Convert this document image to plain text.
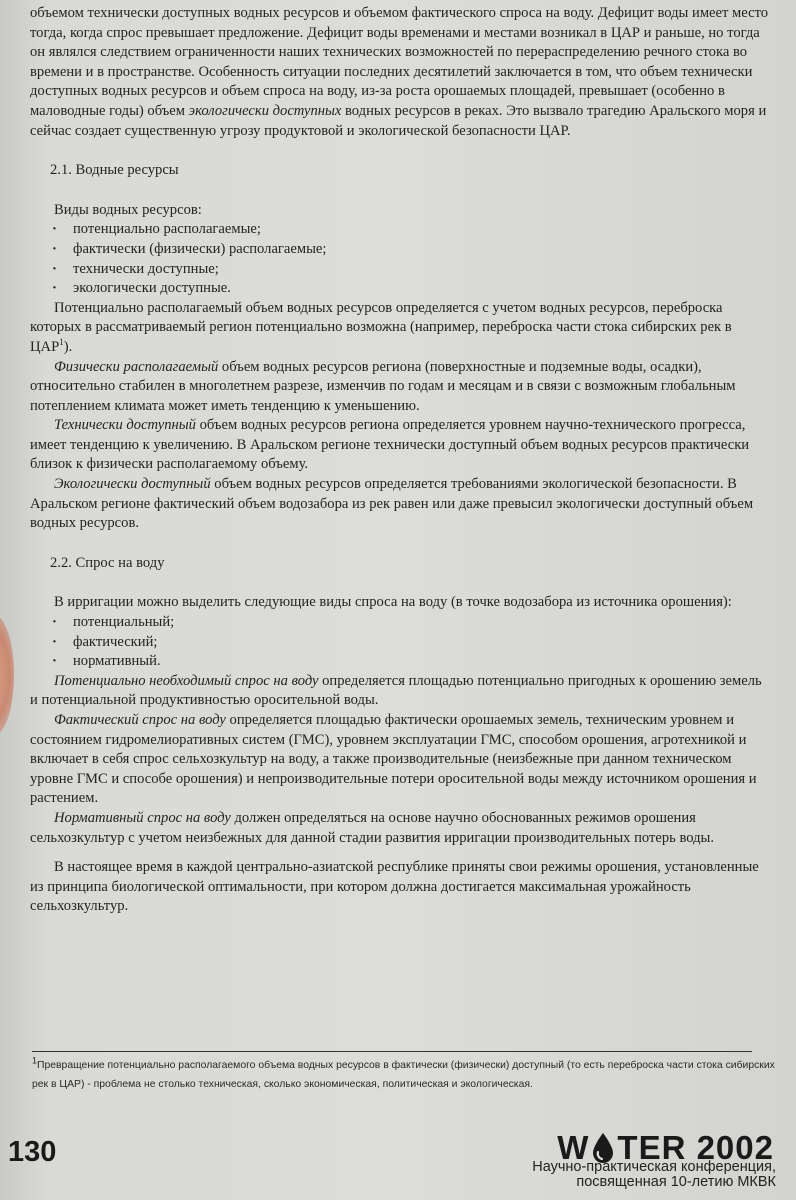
объемом технически доступных водных ресурсов и объемом фактического спроса на воду. Дефицит воды имеет место тогда, когда спрос превышает предложение. Дефицит воды временами и местами возникал в ЦАР и раньше, но тогда он являлся следствием ограниченности наших технических возможностей по перераспределению речного стока во времени и в пространстве. Особенность ситуации последних десятилетий заключается в том, что объем технически доступных водных ресурсов и объем спроса на воду, из-за роста орошаемых площадей, превышает (особенно в маловодные годы) объем экологически доступных водных ресурсов в реках. Это вызвало трагедию Аральского моря и сейчас создает существенную угрозу продуктовой и экологической безопасности ЦАР.

2.1. Водные ресурсы

Виды водных ресурсов:

· потенциально располагаемые;
· фактически (физически) располагаемые;
· технически доступные;
· экологически доступные.

Потенциально располагаемый объем водных ресурсов определяется с учетом водных ресурсов, переброска которых в рассматриваемый регион потенциально возможна (например, переброска части стока сибирских рек в ЦАР$^1$).

Физически располагаемый объем водных ресурсов региона (поверхностные и подземные воды, осадки), относительно стабилен в многолетнем разрезе, изменчив по годам и месяцам и в связи с возможным глобальным потеплением климата может иметь тенденцию к уменьшению.

Технически доступный объем водных ресурсов региона определяется уровнем научно-технического прогресса, имеет тенденцию к увеличению. В Аральском регионе технически доступный объем водных ресурсов практически близок к физически располагаемому объему.

Экологически доступный объем водных ресурсов определяется требованиями экологической безопасности. В Аральском регионе фактический объем водозабора из рек равен или даже превысил экологически доступный объем водных ресурсов.

2.2. Спрос на воду

В ирригации можно выделить следующие виды спроса на воду (в точке водозабора из источника орошения):

· потенциальный;
· фактический;
· нормативный.

Потенциально необходимый спрос на воду определяется площадью потенциально пригодных к орошению земель и потенциальной продуктивностью оросительной воды.

Фактический спрос на воду определяется площадью фактически орошаемых земель, техническим уровнем и состоянием гидромелиоративных систем (ГМС), уровнем эксплуатации ГМС, способом орошения, агротехникой и включает в себя спрос сельхозкультур на воду, а также производительные (неизбежные при данном техническом уровне ГМС и способе орошения) и непроизводительные потери оросительной воды между источником орошения и растением.

Нормативный спрос на воду должен определяться на основе научно обоснованных режимов орошения сельхозкультур с учетом неизбежных для данной стадии развития ирригации производительных потерь воды.

В настоящее время в каждой центрально-азиатской республике приняты свои режимы орошения, установленные из принципа биологической оптимальности, при котором должна достигается максимальная урожайность сельхозкультур.

1Превращение потенциально располагаемого объема водных ресурсов в фактически (физически) доступный (то есть переброска части стока сибирских рек в ЦАР) - проблема не столько техническая, сколько экономическая, политическая и экологическая.
130	W TER 2002
Научно-практическая конференция,
посвященная 10-летию МКВК
